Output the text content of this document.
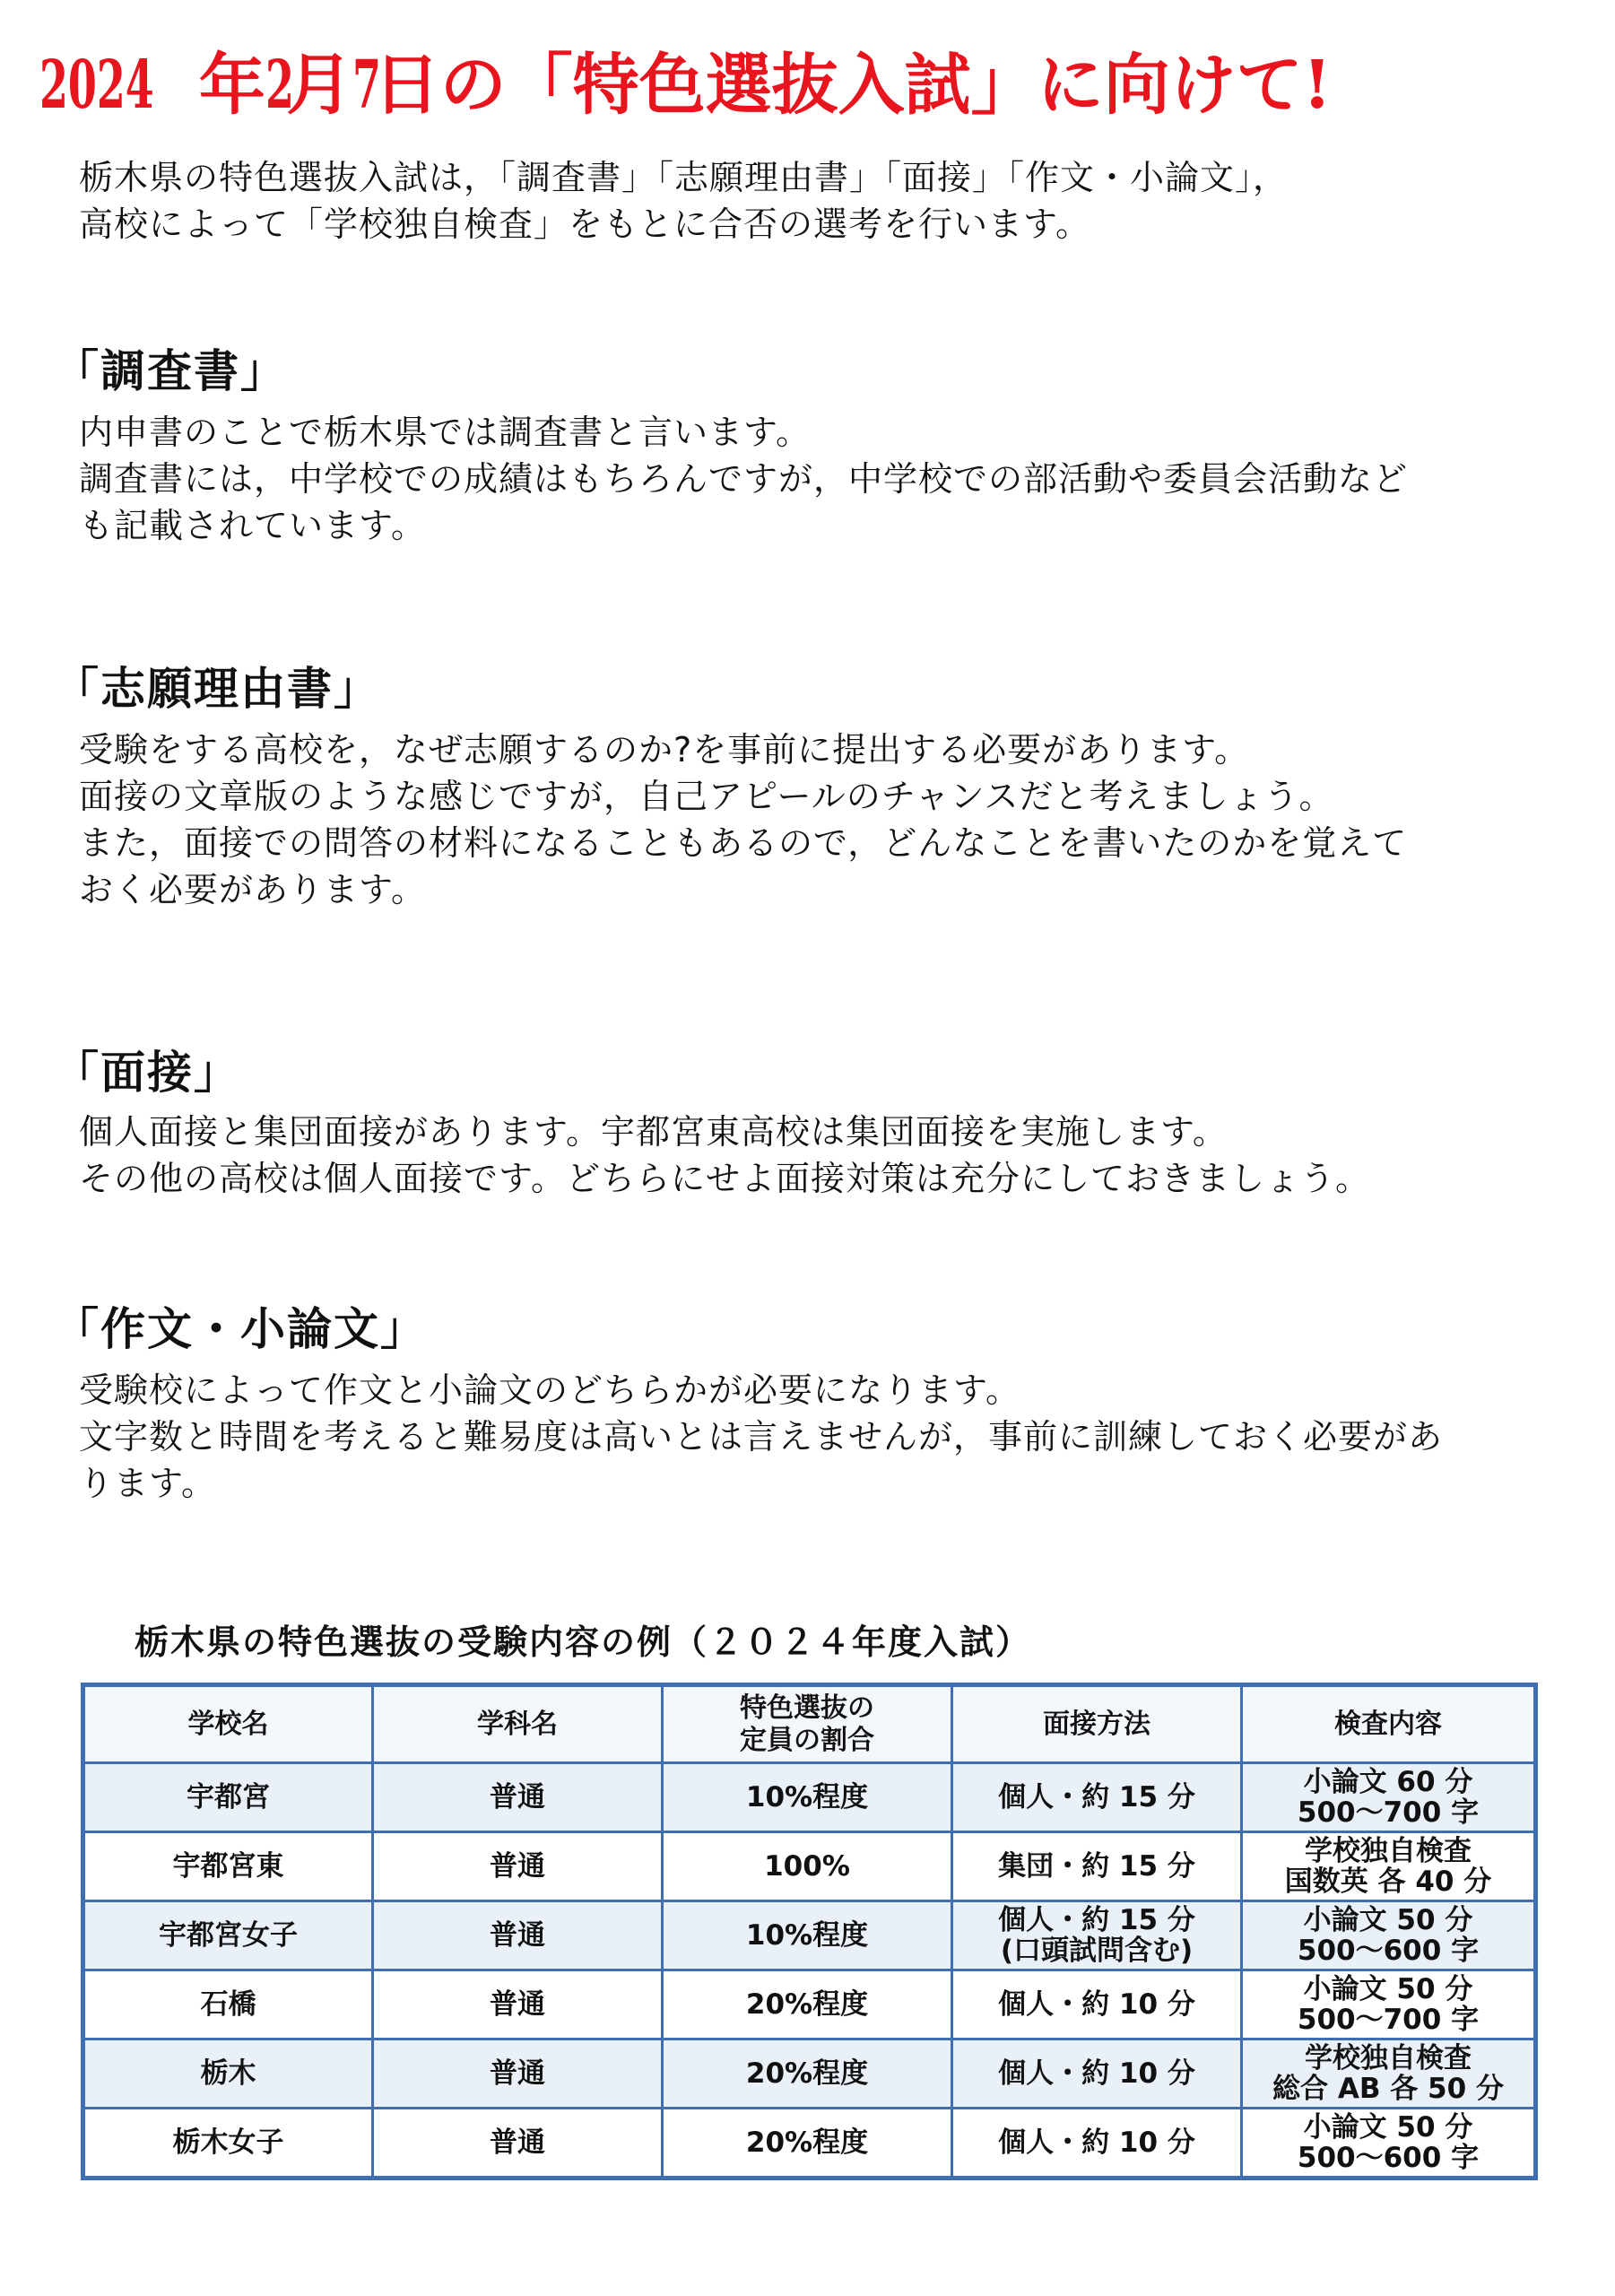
2024 年2月7日の「特色選抜入試」に向けて!

栃木県の特色選抜入試は，「調査書」「志願理由書」「面接」「作文・小論文」，

高校によって「学校独自検査」をもとに合否の選考を行います。

「調査書」

内申書のことで栃木県では調査書と言います。

調査書には，中学校での成績はもちろんですが，中学校での部活動や委員会活動など

も記載されています。

「志願理由書」

受験をする高校を，なぜ志願するのか?を事前に提出する必要があります。

面接の文章版のような感じですが，自己アピールのチャンスだと考えましょう。

また，面接での問答の材料になることもあるので，どんなことを書いたのかを覚えて

おく必要があります。

「面接」

個人面接と集団面接があります。宇都宮東高校は集団面接を実施します。

その他の高校は個人面接です。どちらにせよ面接対策は充分にしておきましょう。

「作文・小論文」

受験校によって作文と小論文のどちらかが必要になります。

文字数と時間を考えると難易度は高いとは言えませんが，事前に訓練しておく必要があ

ります。

栃木県の特色選抜の受験内容の例（２０２４年度入試）
学校名	学科名	特色選抜の
定員の割合	面接方法	検査内容
宇都宮	普通	10%程度	個人・約 15 分	小論文 60 分
500〜700 字
宇都宮東	普通	100%	集団・約 15 分	学校独自検査
国数英 各 40 分
宇都宮女子	普通	10%程度	個人・約 15 分
(口頭試問含む)	小論文 50 分
500〜600 字
石橋	普通	20%程度	個人・約 10 分	小論文 50 分
500〜700 字
栃木	普通	20%程度	個人・約 10 分	学校独自検査
総合 AB 各 50 分
栃木女子	普通	20%程度	個人・約 10 分	小論文 50 分
500〜600 字
